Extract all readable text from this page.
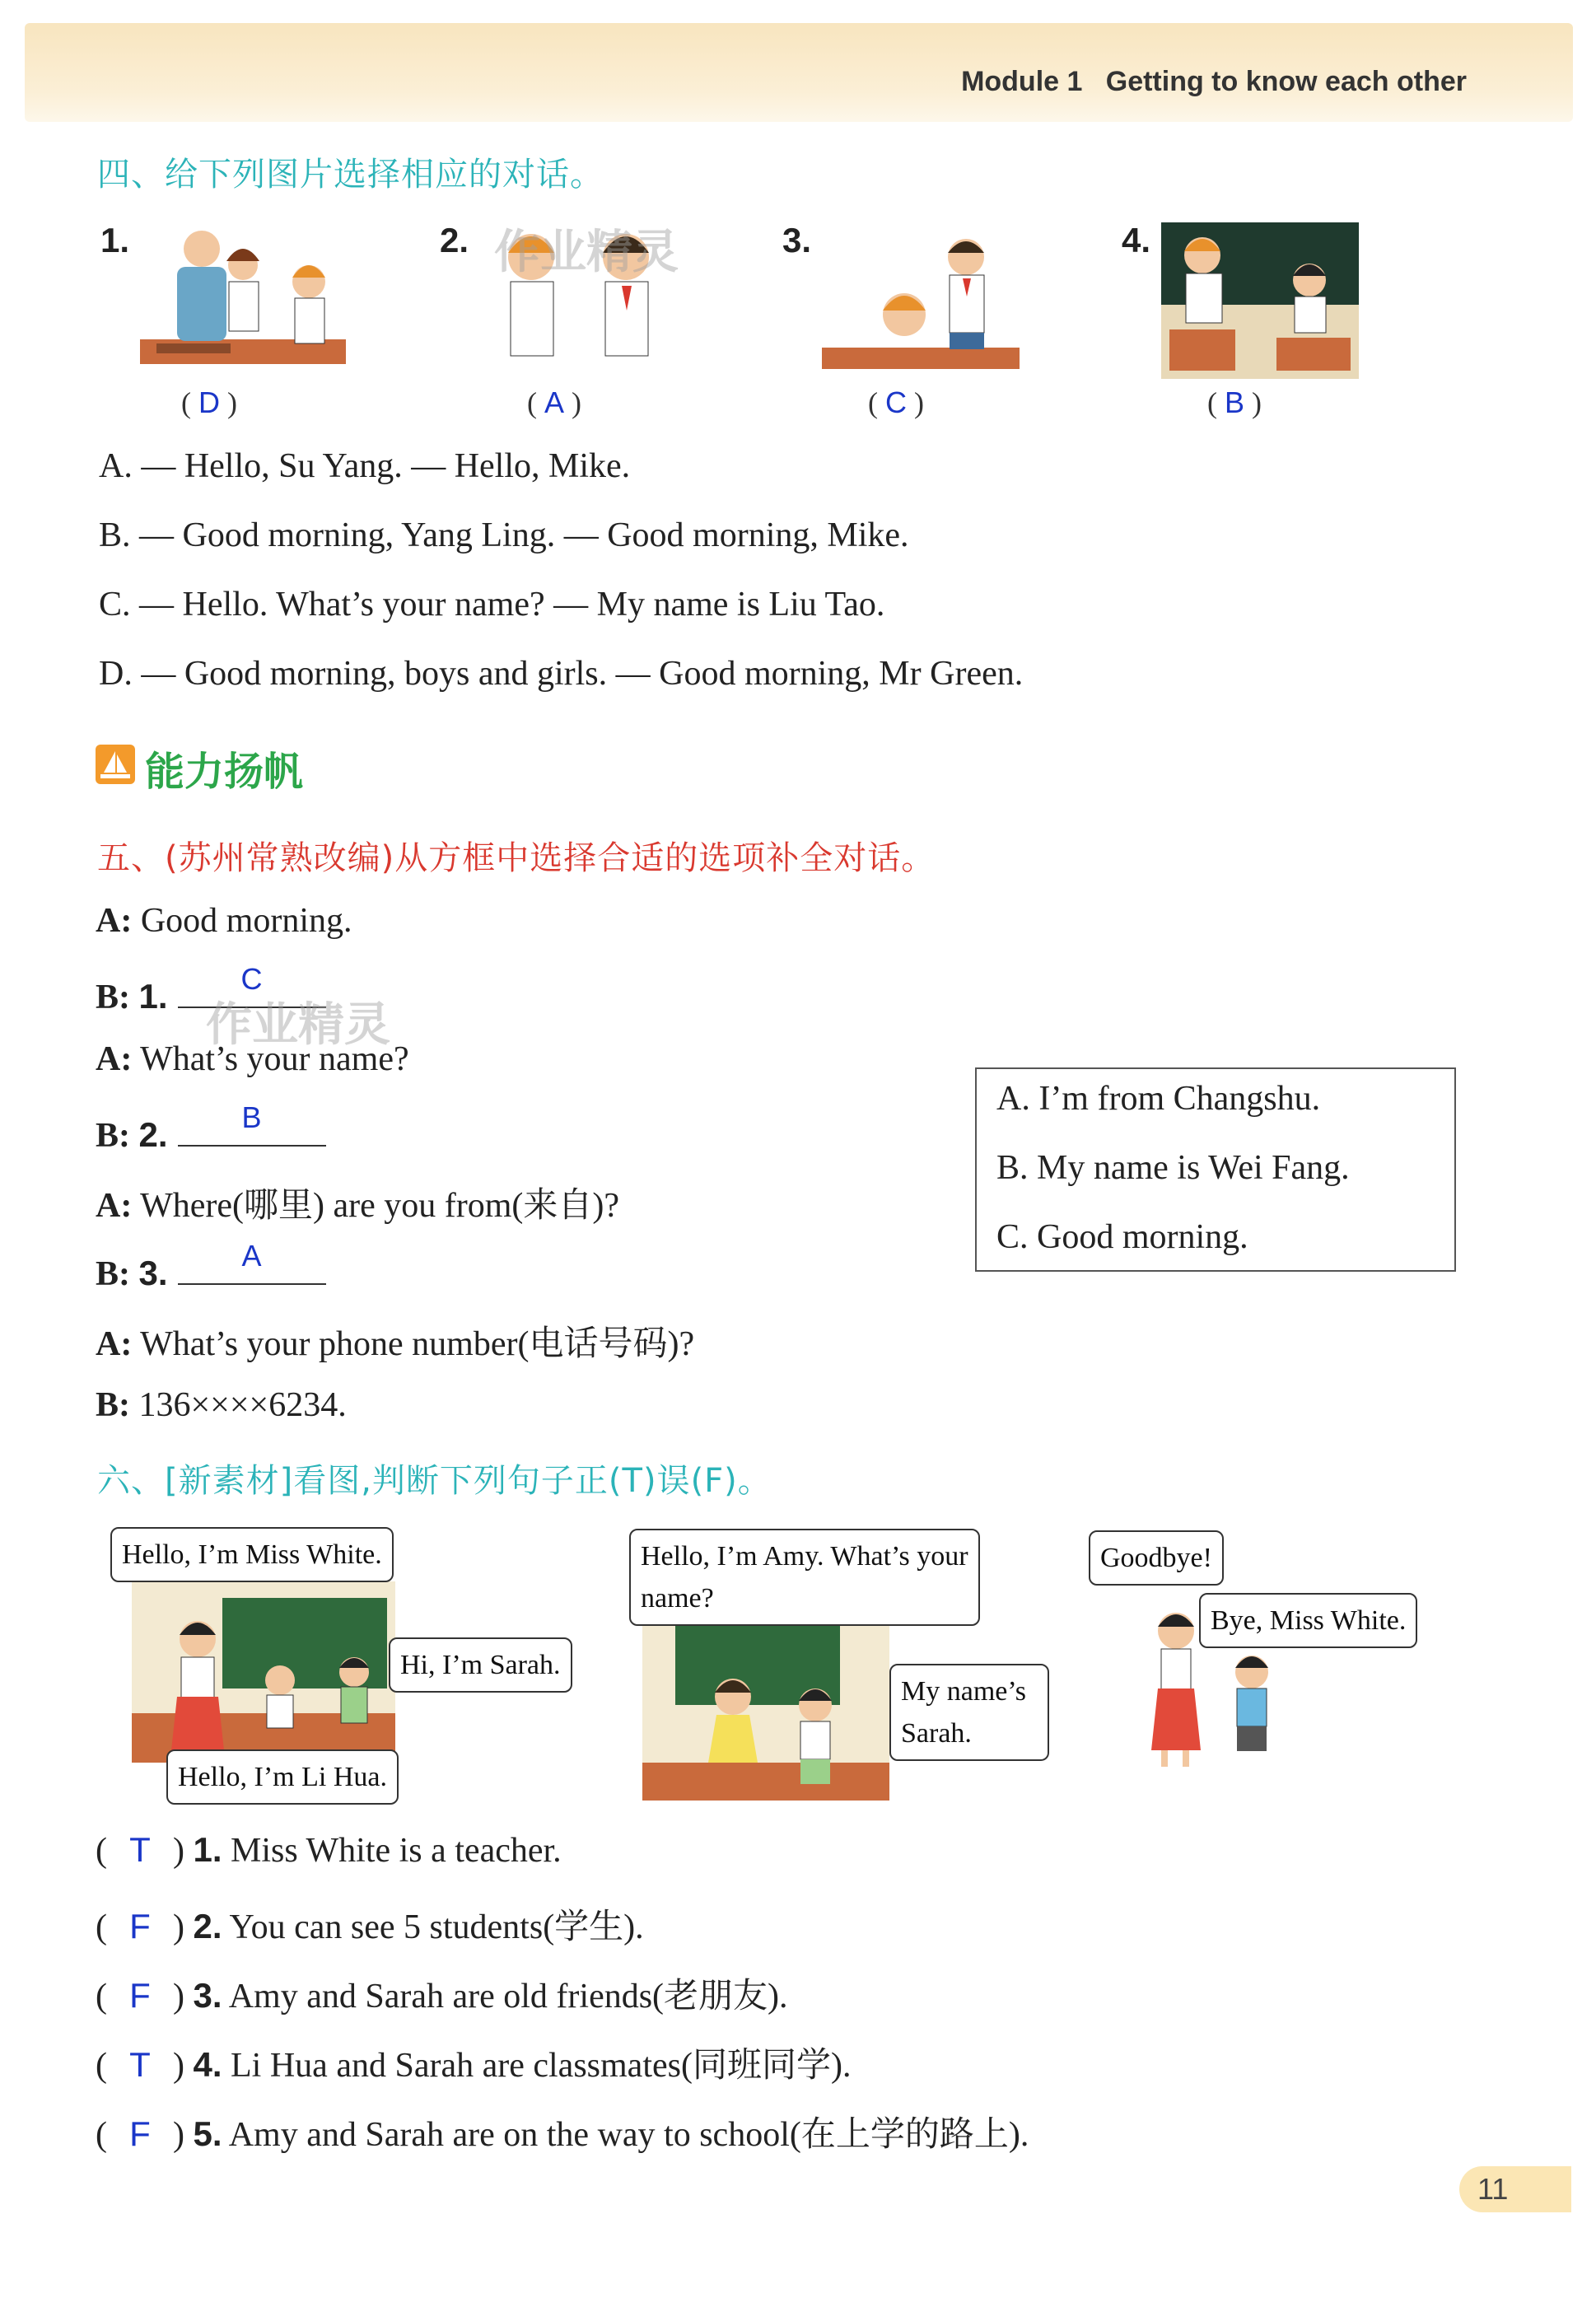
Module 1 Getting to know each other
四、给下列图片选择相应的对话。
1.
( D )
2. 作业精灵
( A )
3.
( C )
4.
( B )
A. — Hello, Su Yang. — Hello, Mike.
B. — Good morning, Yang Ling. — Good morning, Mike.
C. — Hello. What’s your name? — My name is Liu Tao.
D. — Good morning, boys and girls. — Good morning, Mr Green.
能力扬帆
五、(苏州常熟改编)从方框中选择合适的选项补全对话。
A: Good morning.
B: 1.	C
作业精灵
A: What’s your name?
B: 2.	B
A: Where(哪里) are you from(来自)?
B: 3.	A
A: What’s your phone number(电话号码)?
B: 136××××6234.
A. I’m from Changshu.
B. My name is Wei Fang.
C. Good morning.
六、[新素材]看图,判断下列句子正(T)误(F)。
Hello, I’m Miss White.
Hi, I’m Sarah.
Hello, I’m Li Hua.
Hello, I’m Amy. What’s your name?
My name’s Sarah.
Goodbye!
Bye, Miss White.
( T ) 1. Miss White is a teacher.
( F ) 2. You can see 5 students(学生).
( F ) 3. Amy and Sarah are old friends(老朋友).
( T ) 4. Li Hua and Sarah are classmates(同班同学).
( F ) 5. Amy and Sarah are on the way to school(在上学的路上).
11
